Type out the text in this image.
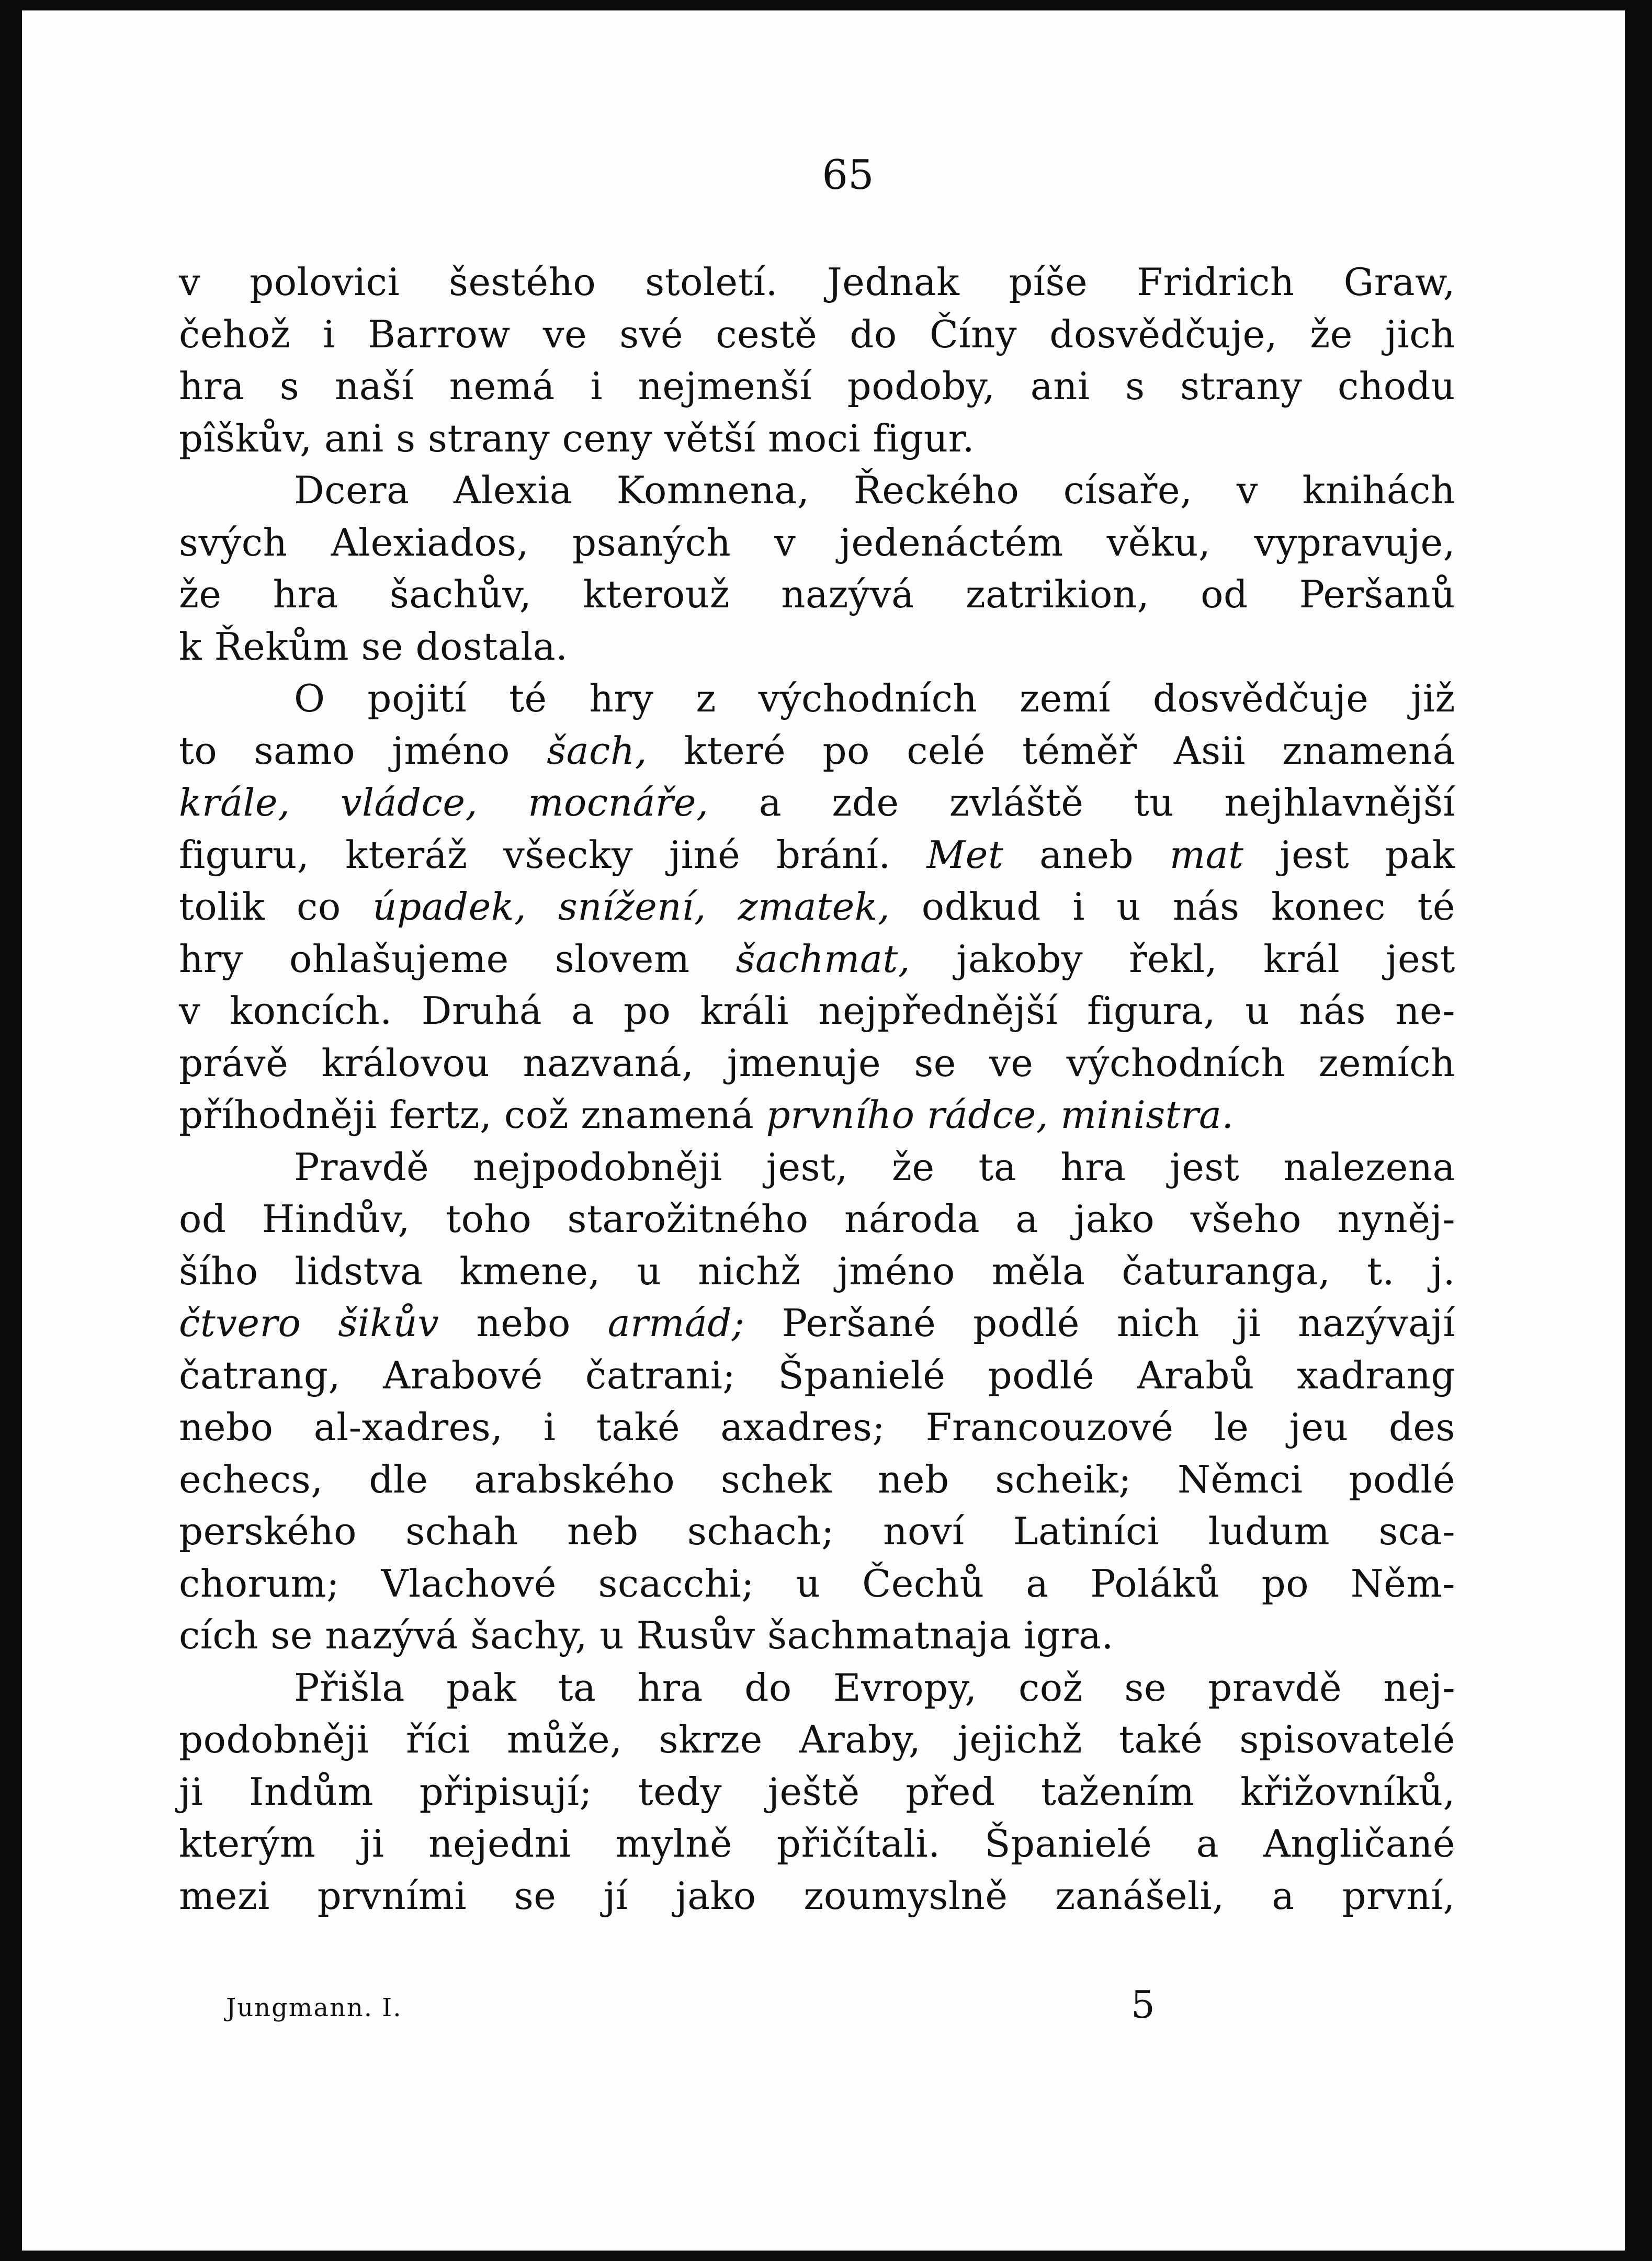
65
v polovici šestého století. Jednak píše Fridrich Graw,
čehož i Barrow ve své cestě do Číny dosvědčuje, že jich
hra s naší nemá i nejmenší podoby, ani s strany chodu
pîškův, ani s strany ceny větší moci figur.
Dcera Alexia Komnena, Řeckého císaře, v knihách
svých Alexiados, psaných v jedenáctém věku, vypravuje,
že hra šachův, kterouž nazývá zatrikion, od Peršanů
k Řekům se dostala.
O pojití té hry z východních zemí dosvědčuje již
to samo jméno šach, které po celé téměř Asii znamená
krále, vládce, mocnáře, a zde zvláště tu nejhlavnější
figuru, kteráž všecky jiné brání. Met aneb mat jest pak
tolik co úpadek, snížení, zmatek, odkud i u nás konec té
hry ohlašujeme slovem šachmat, jakoby řekl, král jest
v koncích. Druhá a po králi nejpřednější figura, u nás ne-
právě královou nazvaná, jmenuje se ve východních zemích
příhodněji fertz, což znamená prvního rádce, ministra.
Pravdě nejpodobněji jest, že ta hra jest nalezena
od Hindův, toho starožitného národa a jako všeho nyněj-
šího lidstva kmene, u nichž jméno měla čaturanga, t. j.
čtvero šikův nebo armád; Peršané podlé nich ji nazývají
čatrang, Arabové čatrani; Španielé podlé Arabů xadrang
nebo al-xadres, i také axadres; Francouzové le jeu des
echecs, dle arabského schek neb scheik; Němci podlé
perského schah neb schach; noví Latiníci ludum sca-
chorum; Vlachové scacchi; u Čechů a Poláků po Něm-
cích se nazývá šachy, u Rusův šachmatnaja igra.
Přišla pak ta hra do Evropy, což se pravdě nej-
podobněji říci může, skrze Araby, jejichž také spisovatelé
ji Indům připisují; tedy ještě před tažením křižovníků,
kterým ji nejedni mylně přičítali. Španielé a Angličané
mezi prvními se jí jako zoumyslně zanášeli, a první,
Jungmann. I.	5
